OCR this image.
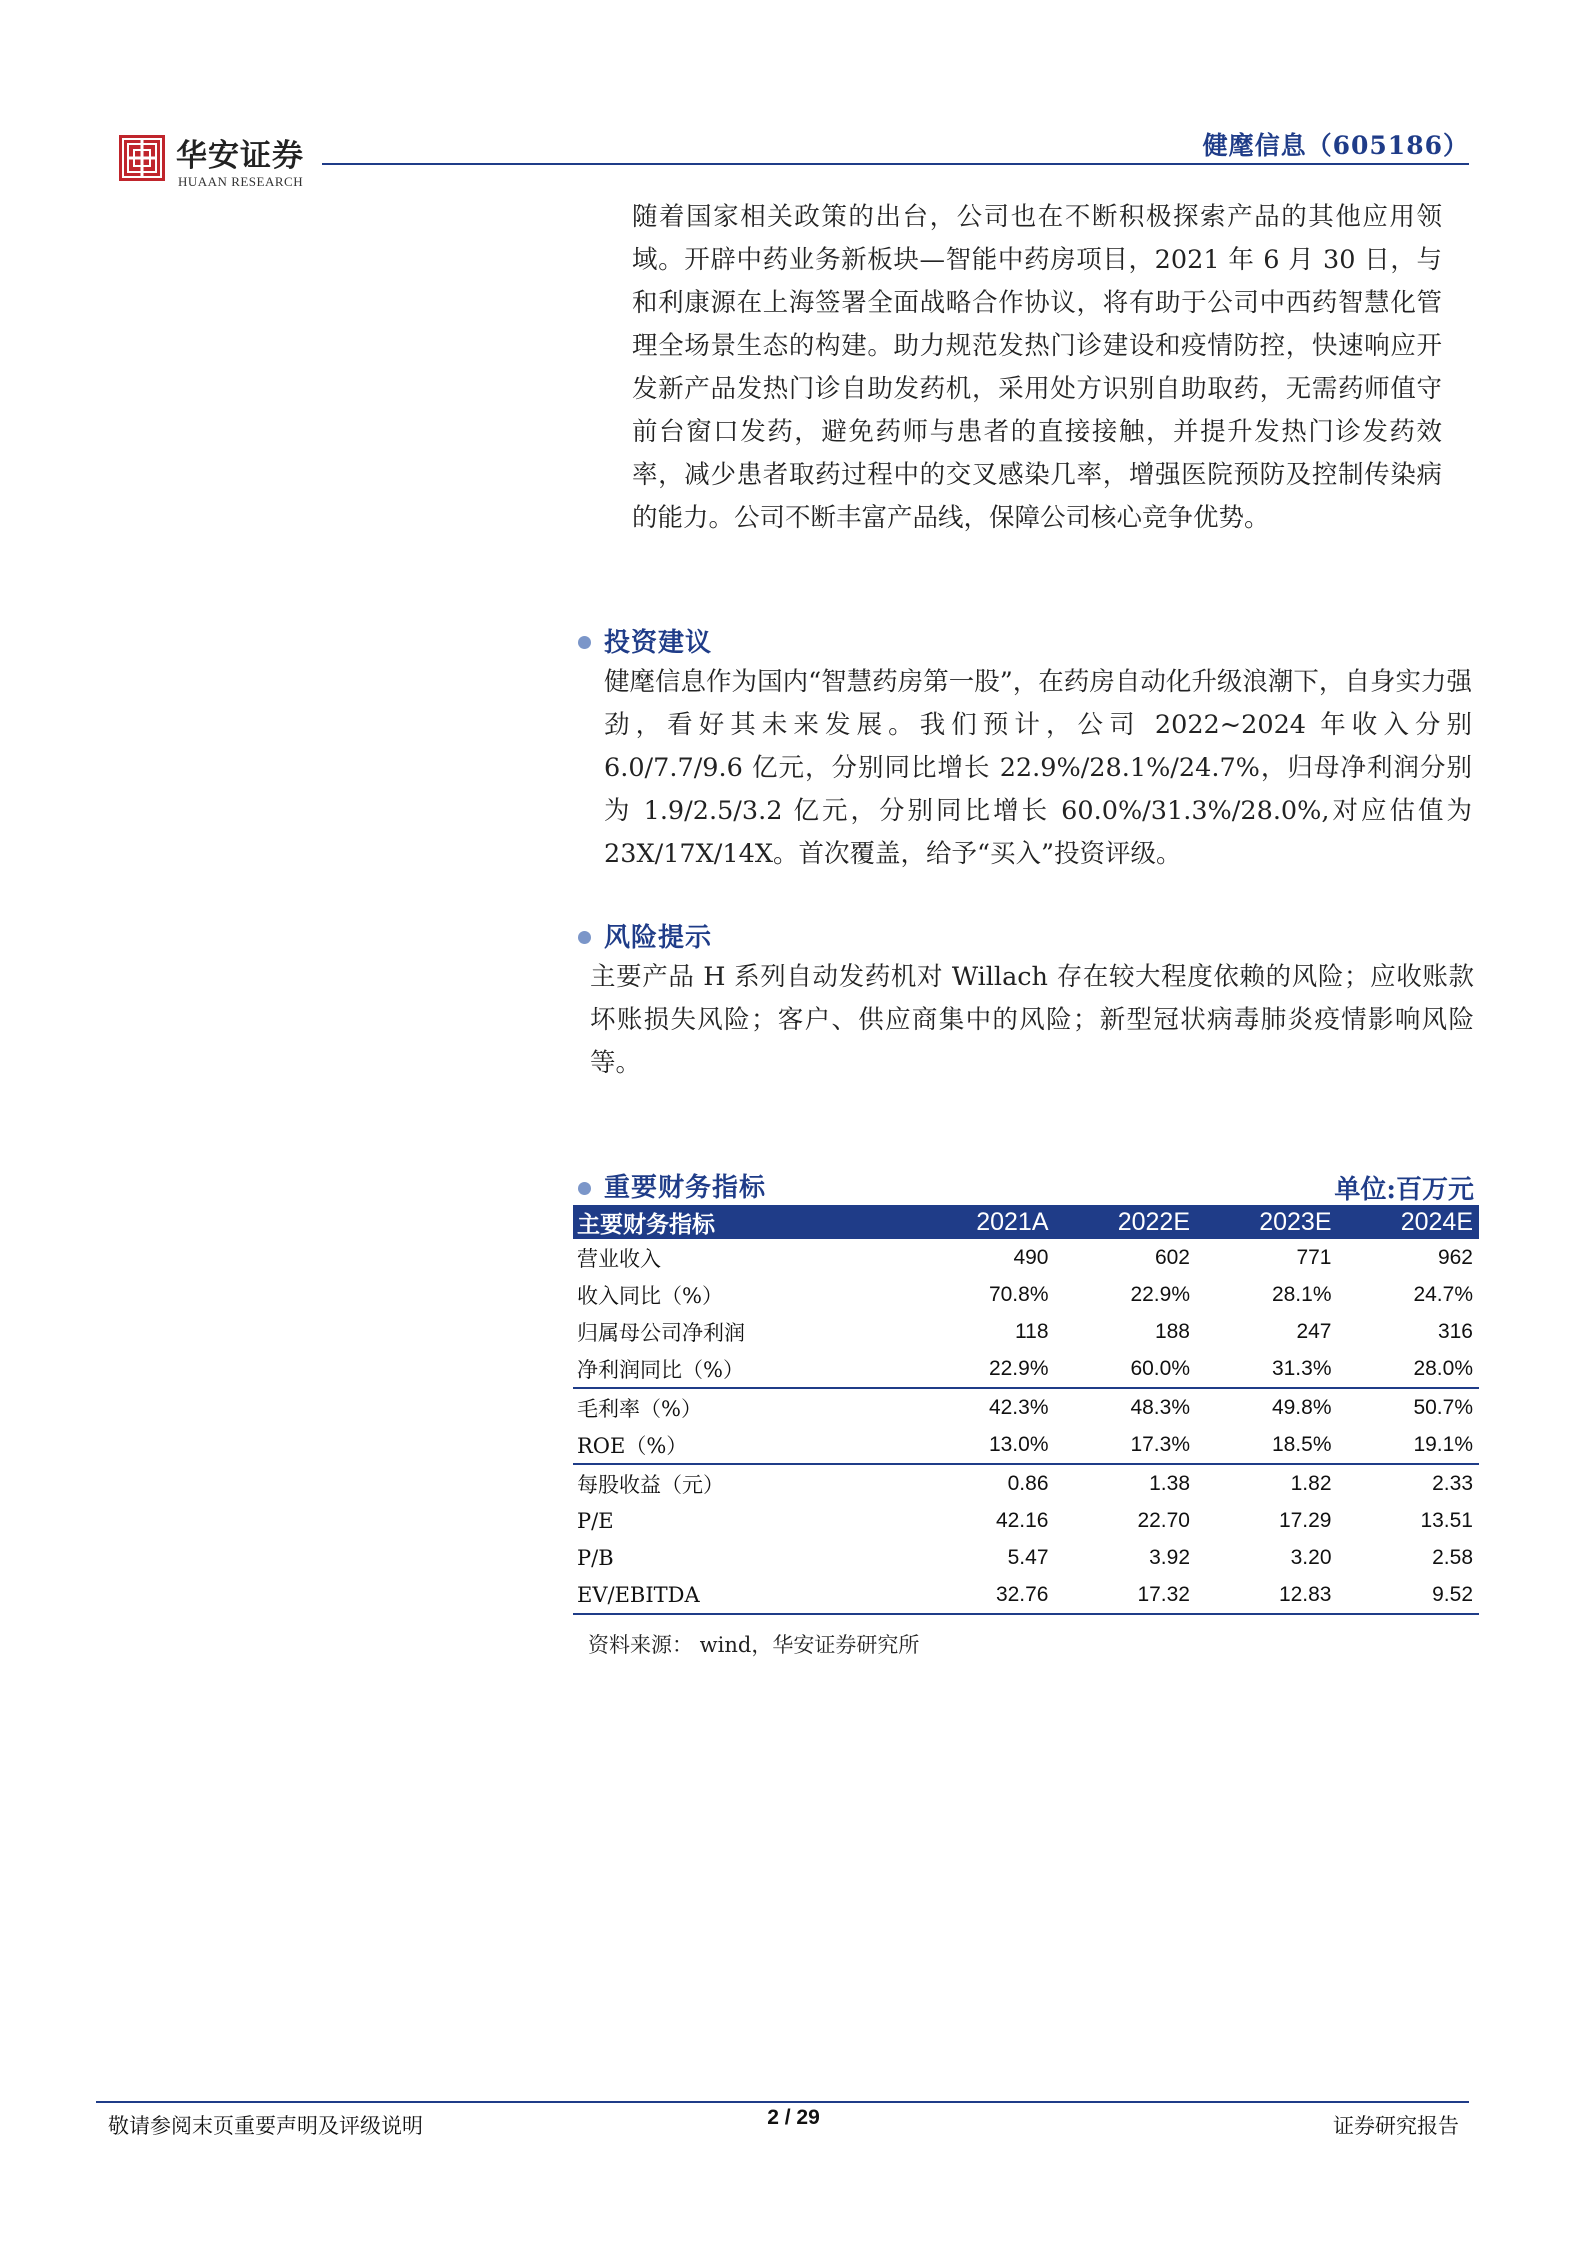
华安证券
HUAAN RESEARCH
健麾信息（605186）

随着国家相关政策的出台，公司也在不断积极探索产品的其他应用领域。开辟中药业务新板块—智能中药房项目，2021 年 6 月 30 日，与和利康源在上海签署全面战略合作协议，将有助于公司中西药智慧化管理全场景生态的构建。助力规范发热门诊建设和疫情防控，快速响应开发新产品发热门诊自助发药机，采用处方识别自助取药，无需药师值守前台窗口发药，避免药师与患者的直接接触，并提升发热门诊发药效率，减少患者取药过程中的交叉感染几率，增强医院预防及控制传染病的能力。公司不断丰富产品线，保障公司核心竞争优势。

投资建议

健麾信息作为国内“智慧药房第一股”，在药房自动化升级浪潮下，自身实力强劲，看好其未来发展。我们预计，公司 2022~2024 年收入分别 6.0/7.7/9.6 亿元，分别同比增长 22.9%/28.1%/24.7%，归母净利润分别为 1.9/2.5/3.2 亿元，分别同比增长 60.0%/31.3%/28.0%,对应估值为 23X/17X/14X。首次覆盖，给予“买入”投资评级。

风险提示

主要产品 H 系列自动发药机对 Willach 存在较大程度依赖的风险；应收账款坏账损失风险；客户、供应商集中的风险；新型冠状病毒肺炎疫情影响风险等。

重要财务指标	单位:百万元
主要财务指标	2021A	2022E	2023E	2024E
营业收入	490	602	771	962
收入同比（%）	70.8%	22.9%	28.1%	24.7%
归属母公司净利润	118	188	247	316
净利润同比（%）	22.9%	60.0%	31.3%	28.0%
毛利率（%）	42.3%	48.3%	49.8%	50.7%
ROE（%）	13.0%	17.3%	18.5%	19.1%
每股收益（元）	0.86	1.38	1.82	2.33
P/E	42.16	22.70	17.29	13.51
P/B	5.47	3.92	3.20	2.58
EV/EBITDA	32.76	17.32	12.83	9.52
资料来源： wind，华安证券研究所
敬请参阅末页重要声明及评级说明	2 / 29	证券研究报告
